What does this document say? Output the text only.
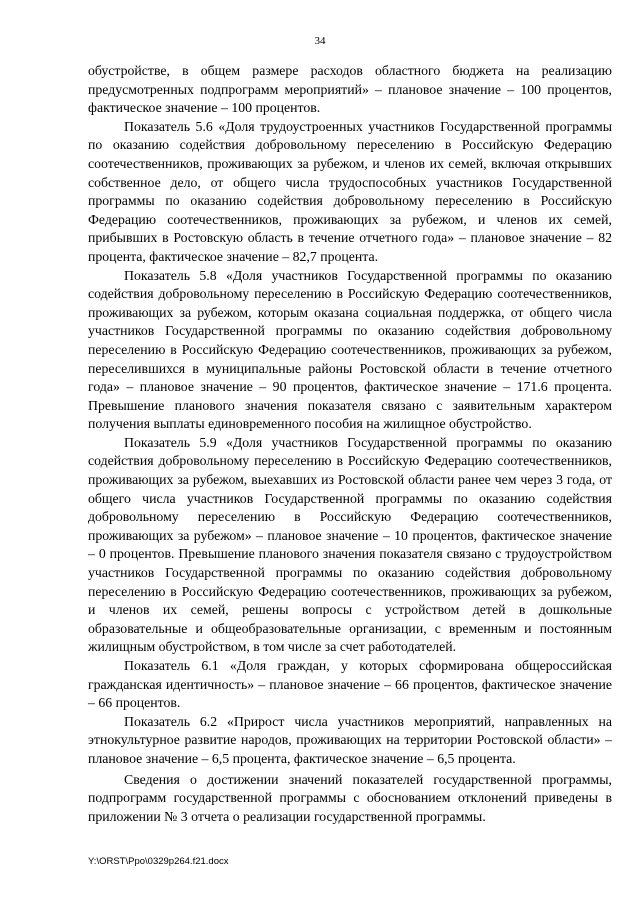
34

обустройстве, в общем размере расходов областного бюджета на реализацию предусмотренных подпрограмм мероприятий» – плановое значение – 100 процентов, фактическое значение – 100 процентов.

Показатель 5.6 «Доля трудоустроенных участников Государственной программы по оказанию содействия добровольному переселению в Российскую Федерацию соотечественников, проживающих за рубежом, и членов их семей, включая открывших собственное дело, от общего числа трудоспособных участников Государственной программы по оказанию содействия добровольному переселению в Российскую Федерацию соотечественников, проживающих за рубежом, и членов их семей, прибывших в Ростовскую область в течение отчетного года» – плановое значение – 82 процента, фактическое значение – 82,7 процента.

Показатель 5.8 «Доля участников Государственной программы по оказанию содействия добровольному переселению в Российскую Федерацию соотечественников, проживающих за рубежом, которым оказана социальная поддержка, от общего числа участников Государственной программы по оказанию содействия добровольному переселению в Российскую Федерацию соотечественников, проживающих за рубежом, переселившихся в муниципальные районы Ростовской области в течение отчетного года» – плановое значение – 90 процентов, фактическое значение – 171.6 процента. Превышение планового значения показателя связано с заявительным характером получения выплаты единовременного пособия на жилищное обустройство.

Показатель 5.9 «Доля участников Государственной программы по оказанию содействия добровольному переселению в Российскую Федерацию соотечественников, проживающих за рубежом, выехавших из Ростовской области ранее чем через 3 года, от общего числа участников Государственной программы по оказанию содействия добровольному переселению в Российскую Федерацию соотечественников, проживающих за рубежом» – плановое значение – 10 процентов, фактическое значение – 0 процентов. Превышение планового значения показателя связано с трудоустройством участников Государственной программы по оказанию содействия добровольному переселению в Российскую Федерацию соотечественников, проживающих за рубежом, и членов их семей, решены вопросы с устройством детей в дошкольные образовательные и общеобразовательные организации, с временным и постоянным жилищным обустройством, в том числе за счет работодателей.

Показатель 6.1 «Доля граждан, у которых сформирована общероссийская гражданская идентичность» – плановое значение – 66 процентов, фактическое значение – 66 процентов.

Показатель 6.2 «Прирост числа участников мероприятий, направленных на этнокультурное развитие народов, проживающих на территории Ростовской области» – плановое значение – 6,5 процента, фактическое значение – 6,5 процента.

Сведения о достижении значений показателей государственной программы, подпрограмм государственной программы с обоснованием отклонений приведены в приложении № 3 отчета о реализации государственной программы.

Y:\ORST\Ppo\0329p264.f21.docx
